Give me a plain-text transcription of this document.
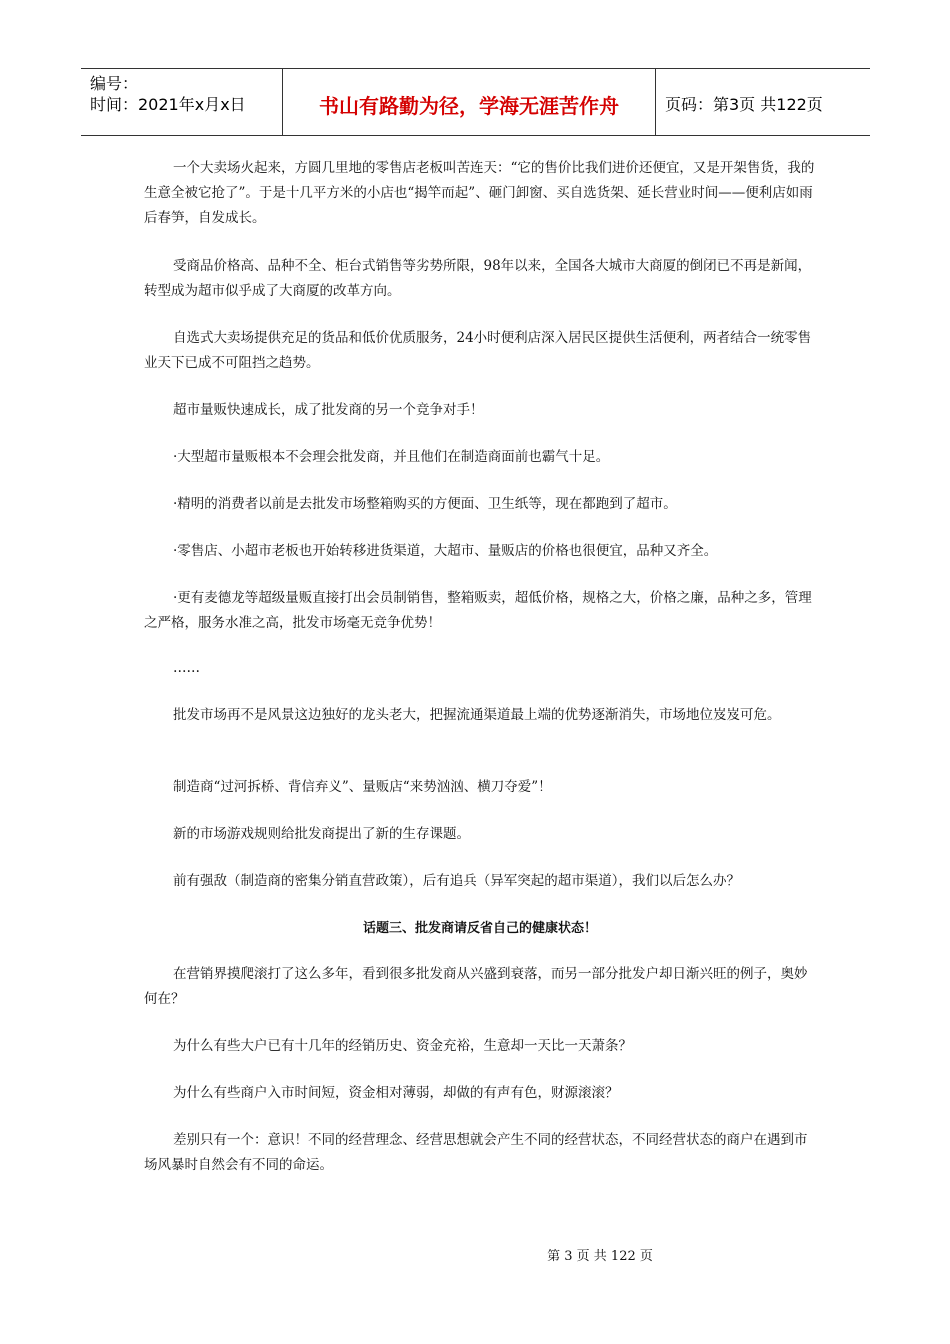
编号：
时间：2021年x月x日	书山有路勤为径，学海无涯苦作舟	页码：第3页 共122页

一个大卖场火起来，方圆几里地的零售店老板叫苦连天：“它的售价比我们进价还便宜，又是开架售货，我的生意全被它抢了”。于是十几平方米的小店也“揭竿而起”、砸门卸窗、买自选货架、延长营业时间——便利店如雨后春笋，自发成长。

受商品价格高、品种不全、柜台式销售等劣势所限，98年以来，全国各大城市大商厦的倒闭已不再是新闻，转型成为超市似乎成了大商厦的改革方向。

自选式大卖场提供充足的货品和低价优质服务，24小时便利店深入居民区提供生活便利，两者结合一统零售业天下已成不可阻挡之趋势。

超市量贩快速成长，成了批发商的另一个竞争对手！

·大型超市量贩根本不会理会批发商，并且他们在制造商面前也霸气十足。

·精明的消费者以前是去批发市场整箱购买的方便面、卫生纸等，现在都跑到了超市。

·零售店、小超市老板也开始转移进货渠道，大超市、量贩店的价格也很便宜，品种又齐全。

·更有麦德龙等超级量贩直接打出会员制销售，整箱贩卖，超低价格，规格之大，价格之廉，品种之多，管理之严格，服务水准之高，批发市场毫无竞争优势！

……

批发市场再不是风景这边独好的龙头老大，把握流通渠道最上端的优势逐渐消失，市场地位岌岌可危。

制造商“过河拆桥、背信弃义”、量贩店“来势汹汹、横刀夺爱”！

新的市场游戏规则给批发商提出了新的生存课题。

前有强敌（制造商的密集分销直营政策），后有追兵（异军突起的超市渠道），我们以后怎么办？

话题三、批发商请反省自己的健康状态！

在营销界摸爬滚打了这么多年，看到很多批发商从兴盛到衰落，而另一部分批发户却日渐兴旺的例子，奥妙何在？

为什么有些大户已有十几年的经销历史、资金充裕，生意却一天比一天萧条？

为什么有些商户入市时间短，资金相对薄弱，却做的有声有色，财源滚滚？

差别只有一个：意识！不同的经营理念、经营思想就会产生不同的经营状态，不同经营状态的商户在遇到市场风暴时自然会有不同的命运。

第 3 页 共 122 页
